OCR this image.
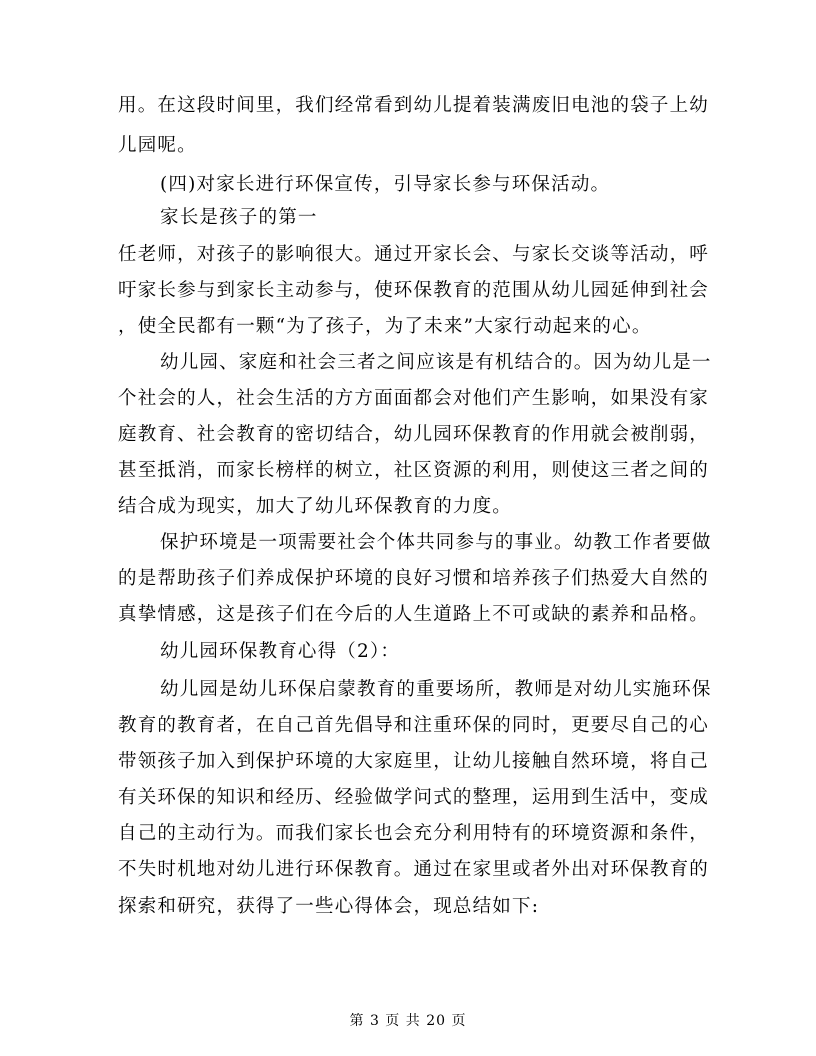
用。在这段时间里，我们经常看到幼儿提着装满废旧电池的袋子上幼
儿园呢。
(四)对家长进行环保宣传，引导家长参与环保活动。
家长是孩子的第一
任老师，对孩子的影响很大。通过开家长会、与家长交谈等活动，呼
吁家长参与到家长主动参与，使环保教育的范围从幼儿园延伸到社会
，使全民都有一颗“为了孩子，为了未来”大家行动起来的心。
幼儿园、家庭和社会三者之间应该是有机结合的。因为幼儿是一
个社会的人，社会生活的方方面面都会对他们产生影响，如果没有家
庭教育、社会教育的密切结合，幼儿园环保教育的作用就会被削弱，
甚至抵消，而家长榜样的树立，社区资源的利用，则使这三者之间的
结合成为现实，加大了幼儿环保教育的力度。
保护环境是一项需要社会个体共同参与的事业。幼教工作者要做
的是帮助孩子们养成保护环境的良好习惯和培养孩子们热爱大自然的
真挚情感，这是孩子们在今后的人生道路上不可或缺的素养和品格。
幼儿园环保教育心得（2）：
幼儿园是幼儿环保启蒙教育的重要场所，教师是对幼儿实施环保
教育的教育者，在自己首先倡导和注重环保的同时，更要尽自己的心
带领孩子加入到保护环境的大家庭里，让幼儿接触自然环境，将自己
有关环保的知识和经历、经验做学问式的整理，运用到生活中，变成
自己的主动行为。而我们家长也会充分利用特有的环境资源和条件，
不失时机地对幼儿进行环保教育。通过在家里或者外出对环保教育的
探索和研究，获得了一些心得体会，现总结如下:
第 3 页 共 20 页
